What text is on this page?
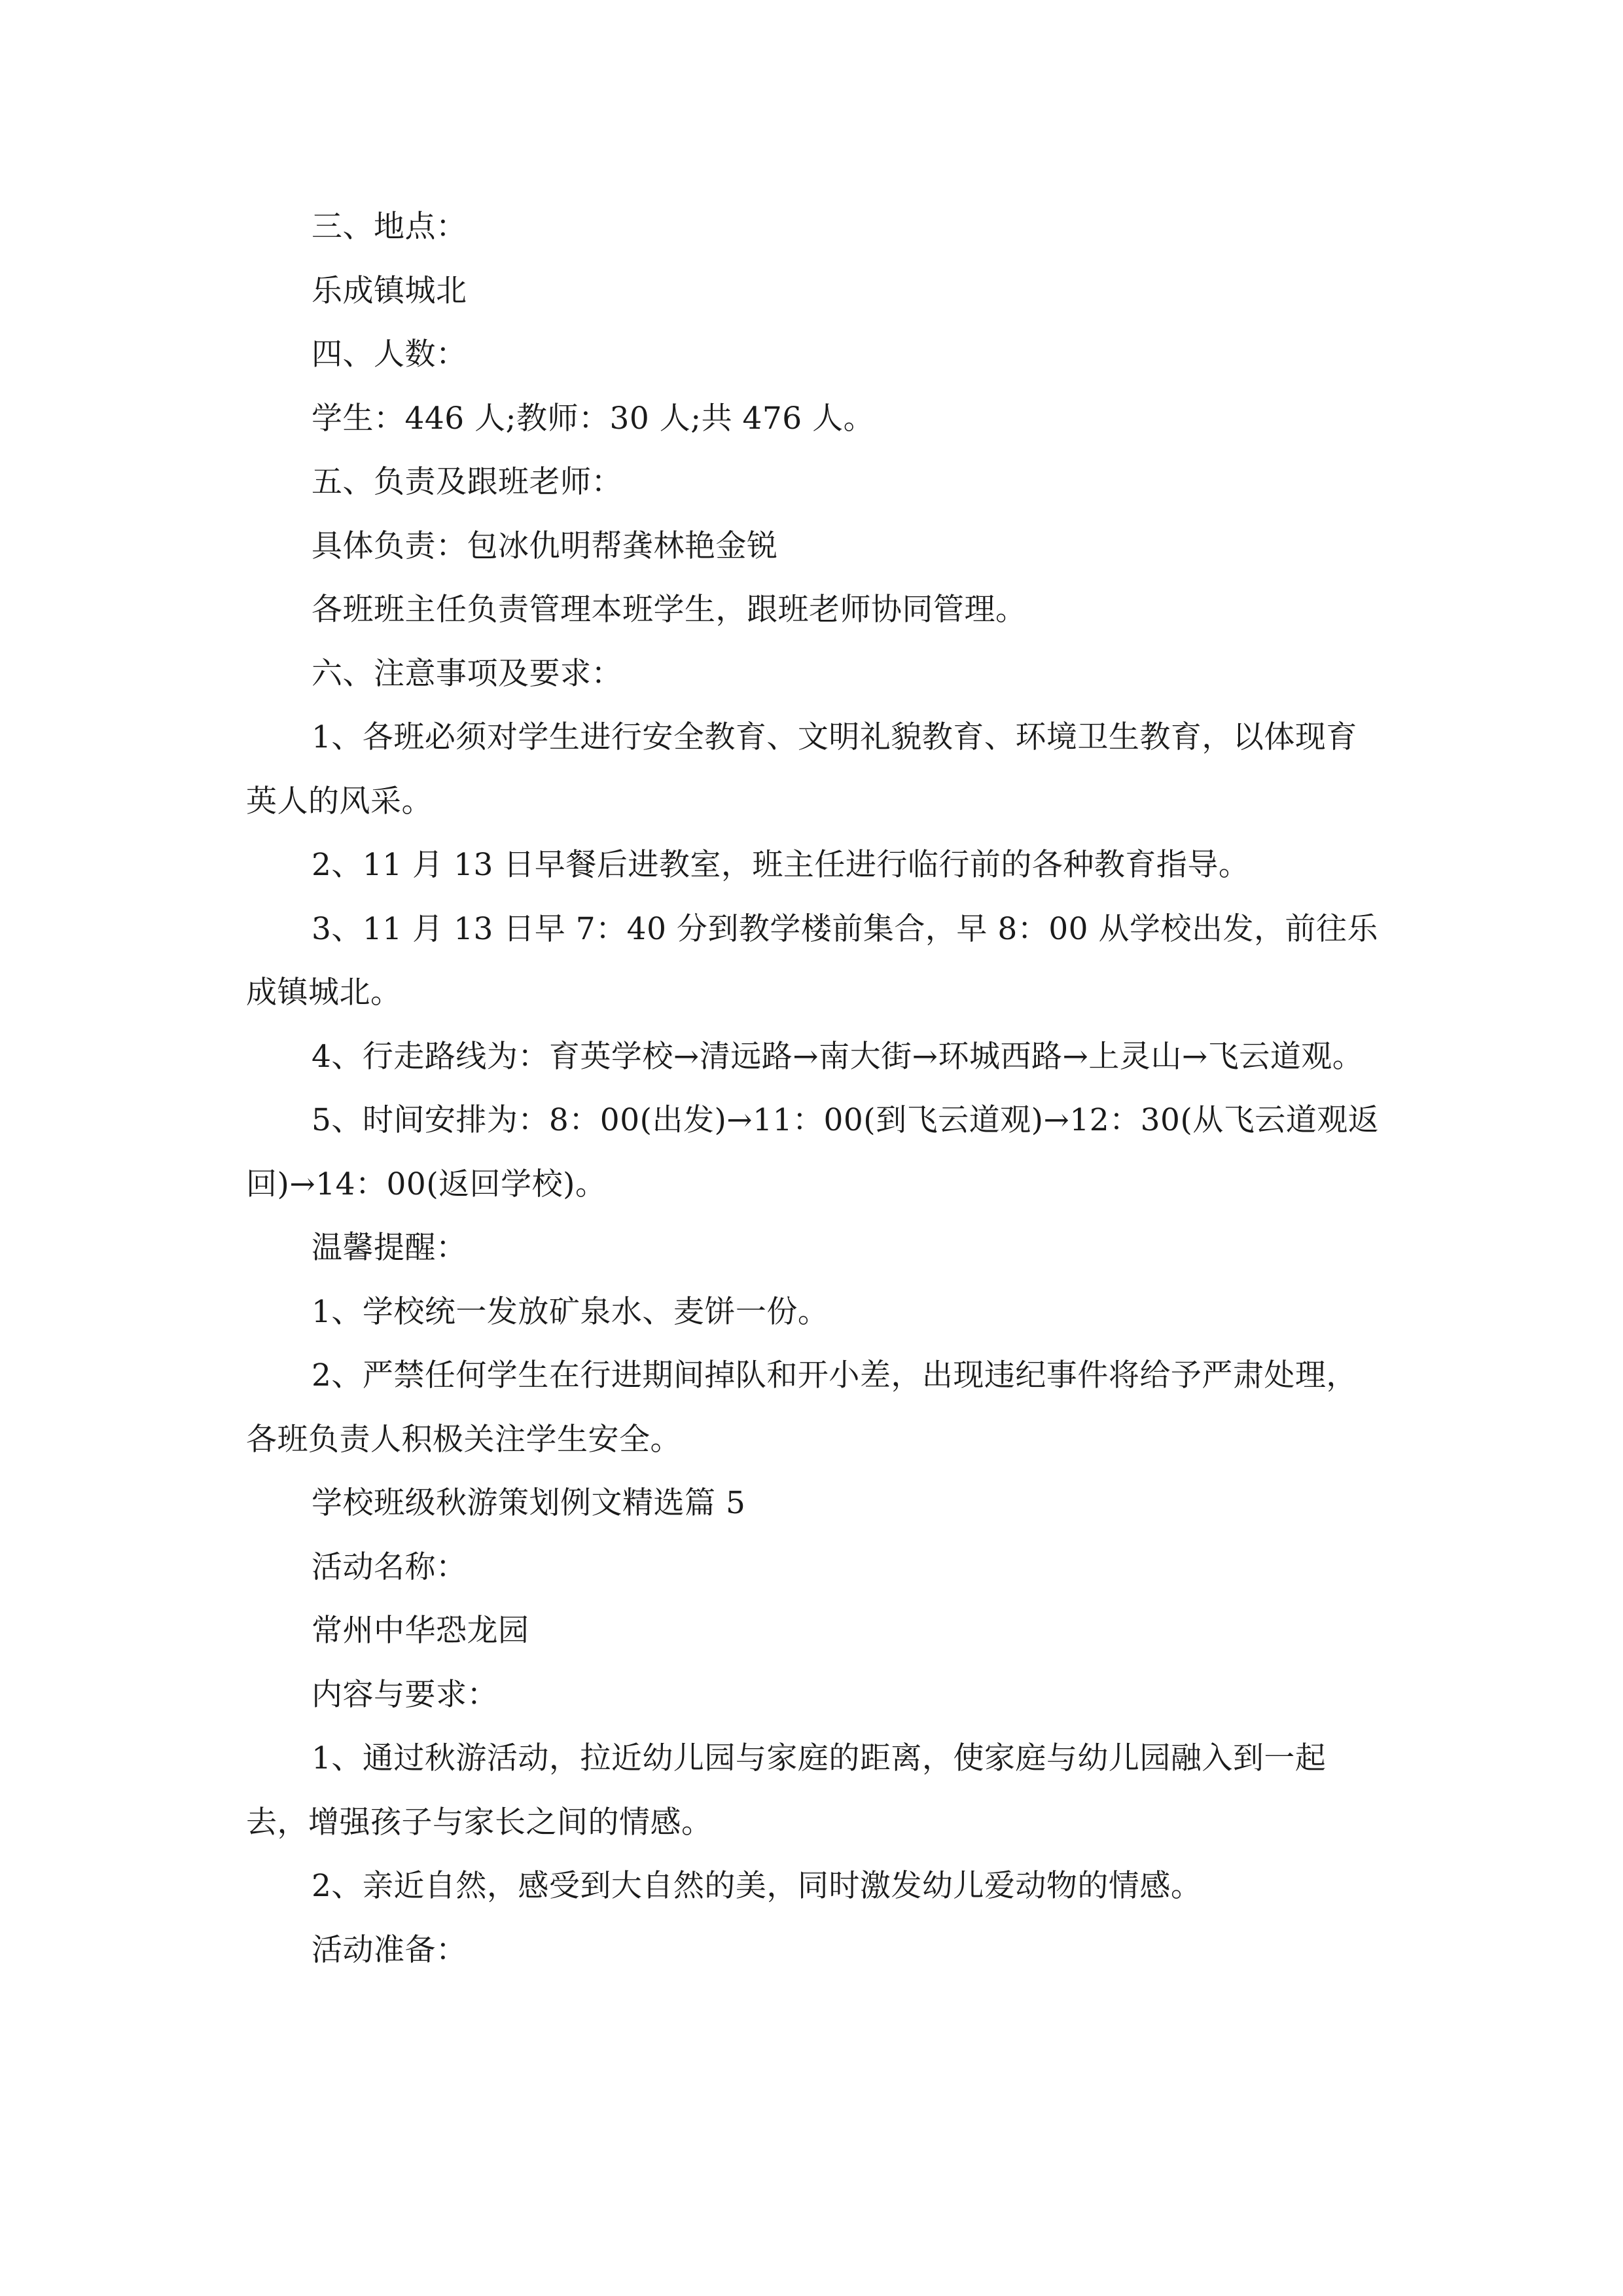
三、地点：

乐成镇城北

四、人数：

学生：446 人;教师：30 人;共 476 人。

五、负责及跟班老师：

具体负责：包冰仇明帮龚林艳金锐

各班班主任负责管理本班学生，跟班老师协同管理。

六、注意事项及要求：

1、各班必须对学生进行安全教育、文明礼貌教育、环境卫生教育，以体现育英人的风采。

2、11 月 13 日早餐后进教室，班主任进行临行前的各种教育指导。

3、11 月 13 日早 7：40 分到教学楼前集合，早 8：00 从学校出发，前往乐成镇城北。

4、行走路线为：育英学校→清远路→南大街→环城西路→上灵山→飞云道观。

5、时间安排为：8：00(出发)→11：00(到飞云道观)→12：30(从飞云道观返回)→14：00(返回学校)。

温馨提醒：

1、学校统一发放矿泉水、麦饼一份。

2、严禁任何学生在行进期间掉队和开小差，出现违纪事件将给予严肃处理，各班负责人积极关注学生安全。

学校班级秋游策划例文精选篇 5

活动名称：

常州中华恐龙园

内容与要求：

1、通过秋游活动，拉近幼儿园与家庭的距离，使家庭与幼儿园融入到一起去，增强孩子与家长之间的情感。

2、亲近自然，感受到大自然的美，同时激发幼儿爱动物的情感。

活动准备：
